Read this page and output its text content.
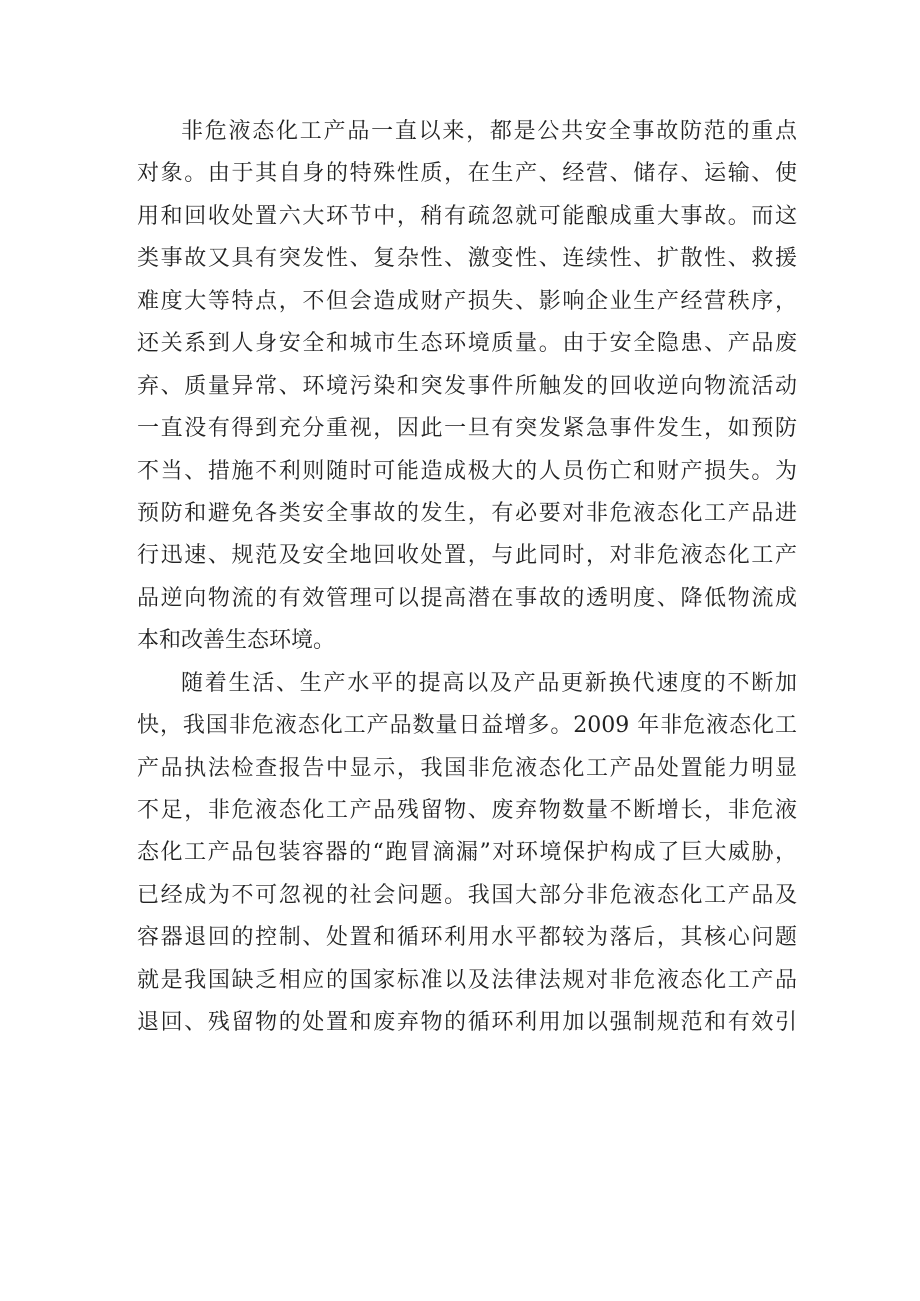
非危液态化工产品一直以来，都是公共安全事故防范的重点
对象。由于其自身的特殊性质，在生产、经营、储存、运输、使
用和回收处置六大环节中，稍有疏忽就可能酿成重大事故。而这
类事故又具有突发性、复杂性、激变性、连续性、扩散性、救援
难度大等特点，不但会造成财产损失、影响企业生产经营秩序，
还关系到人身安全和城市生态环境质量。由于安全隐患、产品废
弃、质量异常、环境污染和突发事件所触发的回收逆向物流活动
一直没有得到充分重视，因此一旦有突发紧急事件发生，如预防
不当、措施不利则随时可能造成极大的人员伤亡和财产损失。为
预防和避免各类安全事故的发生，有必要对非危液态化工产品进
行迅速、规范及安全地回收处置，与此同时，对非危液态化工产
品逆向物流的有效管理可以提高潜在事故的透明度、降低物流成
本和改善生态环境。
随着生活、生产水平的提高以及产品更新换代速度的不断加
快，我国非危液态化工产品数量日益增多。2009 年非危液态化工
产品执法检查报告中显示，我国非危液态化工产品处置能力明显
不足，非危液态化工产品残留物、废弃物数量不断增长，非危液
态化工产品包装容器的“跑冒滴漏”对环境保护构成了巨大威胁，
已经成为不可忽视的社会问题。我国大部分非危液态化工产品及
容器退回的控制、处置和循环利用水平都较为落后，其核心问题
就是我国缺乏相应的国家标准以及法律法规对非危液态化工产品
退回、残留物的处置和废弃物的循环利用加以强制规范和有效引
